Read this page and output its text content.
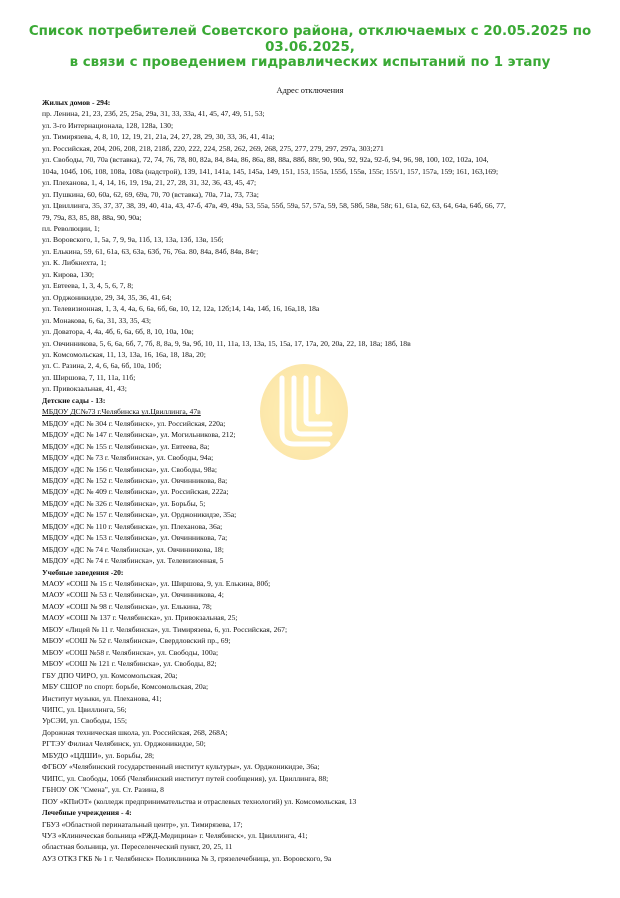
Список потребителей Советского района, отключаемых с 20.05.2025 по
03.06.2025,
в связи с проведением гидравлических испытаний по 1 этапу
Адрес отключения
Жилых домов - 294:
пр. Ленина, 21, 23, 23б, 25, 25а, 29а, 31, 33, 33а, 41, 45, 47, 49, 51, 53;
ул. 3-го Интернационала, 128, 128а, 130;
ул. Тимирязева, 4, 8, 10, 12, 19, 21, 21а, 24, 27, 28, 29, 30, 33, 36, 41, 41а;
ул. Российская, 204, 206, 208, 218, 218б, 220, 222, 224, 258, 262, 269, 268, 275, 277, 279, 297, 297а, 303;271
ул. Свободы, 70, 70а (вставка), 72, 74, 76, 78, 80, 82а, 84, 84а, 86, 86а, 88, 88а, 88б, 88г, 90, 90а, 92, 92а, 92-б, 94, 96, 98, 100, 102, 102а, 104,
104а, 104б, 106, 108, 108а, 108а (надстрой), 139, 141, 141а, 145, 145а, 149, 151, 153, 155а, 155б, 155в, 155г, 155/1, 157, 157а, 159; 161, 163,169;
ул. Плеханова, 1, 4, 14, 16, 19, 19а, 21, 27, 28, 31, 32, 36, 43, 45, 47;
ул. Пушкина, 60, 60а, 62, 69, 69а, 70, 70 (вставка), 70а, 71а, 73, 73а;
ул. Цвиллинга, 35, 37, 37, 38, 39, 40, 41а, 43, 47-б, 47в, 49, 49а, 53, 55а, 55б, 59а, 57, 57а, 59, 58, 58б, 58в, 58г, 61, 61а, 62, 63, 64, 64а, 64б, 66, 77,
79, 79а, 83, 85, 88, 88а, 90, 90а;
пл. Революции, 1;
ул. Воровского, 1, 5а, 7, 9, 9а, 11б, 13, 13а, 13б, 13в, 15б;
ул. Елькина, 59, 61, 61а, 63, 63а, 63б, 76, 76а. 80, 84а, 84б, 84в, 84г;
ул. К. Либкнехта, 1;
ул. Кирова, 130;
ул. Евтеева, 1, 3, 4, 5, 6, 7, 8;
ул. Орджоникидзе, 29, 34, 35, 36, 41, 64;
ул. Телевизионная, 1, 3, 4, 4а, 6, 6а, 6б, 6в, 10, 12, 12а, 12б;14, 14а, 14б, 16, 16а,18, 18а
ул. Монакова, 6, 6а, 31, 33, 35, 43;
ул. Доватора, 4, 4а, 4б, 6, 6а, 6б, 8, 10, 10а, 10в;
ул. Овчинникова, 5, 6, 6а, 6б, 7, 7б, 8, 8а, 9, 9а, 9б, 10, 11, 11а, 13, 13а, 15, 15а, 17, 17а, 20, 20а, 22, 18, 18а; 18б, 18в
ул. Комсомольская, 11, 13, 13а, 16, 16а, 18, 18а, 20;
ул. С. Разина, 2, 4, 6, 6а, 6б, 10а, 10б;
ул. Ширшова, 7, 11, 11а, 11б;
ул. Привокзальная, 41, 43;
Детские сады - 13:
МБДОУ ДС№73 г.Челябинска ул.Цвиллинга, 47в
МБДОУ «ДС № 304 г. Челябинск», ул. Российская, 220а;
МБДОУ «ДС № 147 г. Челябинска», ул. Могильникова, 212;
МБДОУ «ДС № 155 г. Челябинска», ул. Евтеева, 8а;
МБДОУ «ДС № 73 г. Челябинска», ул. Свободы, 94а;
МБДОУ «ДС № 156 г. Челябинска», ул. Свободы, 98а;
МБДОУ «ДС № 152 г. Челябинска», ул. Овчинникова, 8а;
МБДОУ «ДС № 409 г. Челябинска», ул. Российская, 222а;
МБДОУ «ДС № 326 г. Челябинска», ул. Борьбы, 5;
МБДОУ «ДС № 157 г. Челябинска», ул. Орджоникидзе, 35а;
МБДОУ «ДС № 110 г. Челябинска», ул. Плеханова, 36а;
МБДОУ «ДС № 153 г. Челябинска», ул. Овчинникова, 7а;
МБДОУ «ДС № 74 г. Челябинска», ул. Овчинникова, 18;
МБДОУ «ДС № 74 г. Челябинска», ул. Телевизионная, 5
Учебные заведения -20:
МАОУ «СОШ № 15 г. Челябинска», ул. Ширшова, 9, ул. Елькина, 80б;
МАОУ «СОШ № 53 г. Челябинска», ул. Овчинникова, 4;
МАОУ «СОШ № 98 г. Челябинска», ул. Елькина, 78;
МАОУ «СОШ № 137 г. Челябинска», ул. Привокзальная, 25;
МБОУ «Лицей № 11 г. Челябинска», ул. Тимирязева, 6, ул. Российская, 267;
МБОУ «СОШ № 52 г. Челябинска», Свердловский пр., 69;
МБОУ «СОШ №58 г. Челябинска», ул. Свободы, 100а;
МБОУ «СОШ № 121 г. Челябинска», ул. Свободы, 82;
ГБУ ДПО ЧИРО, ул. Комсомольская, 20а;
МБУ СШОР по спорт. борьбе, Комсомольская, 20а;
Институт музыки, ул. Плеханова, 41;
ЧИПС, ул. Цвиллинга, 56;
УрСЭИ, ул. Свободы, 155;
Дорожная техническая школа, ул. Российская, 268, 268А;
РГТЭУ Филиал Челябинск, ул. Орджоникидзе, 50;
МБУДО «ЦДШИ», ул. Борьбы, 28;
ФГБОУ «Челябинский государственный институт культуры», ул. Орджоникидзе, 36а;
ЧИПС, ул. Свободы, 106б (Челябинский институт путей сообщения), ул. Цвиллинга, 88;
ГБНОУ ОК "Смена", ул. Ст. Разина, 8
ПОУ «КПиОТ» (колледж предпринимательства и отраслевых технологий) ул. Комсомольская, 13
Лечебные учреждения - 4:
ГБУЗ «Областной перинатальный центр», ул. Тимирязева, 17;
ЧУЗ «Клиническая больница «РЖД-Медицина» г. Челябинск», ул. Цвиллинга, 41;
областная больница, ул. Переселенческий пункт, 20, 25, 11
АУЗ ОТКЗ ГКБ № 1 г. Челябинск» Поликлиника № 3, грязелечебница, ул. Воровского, 9а
